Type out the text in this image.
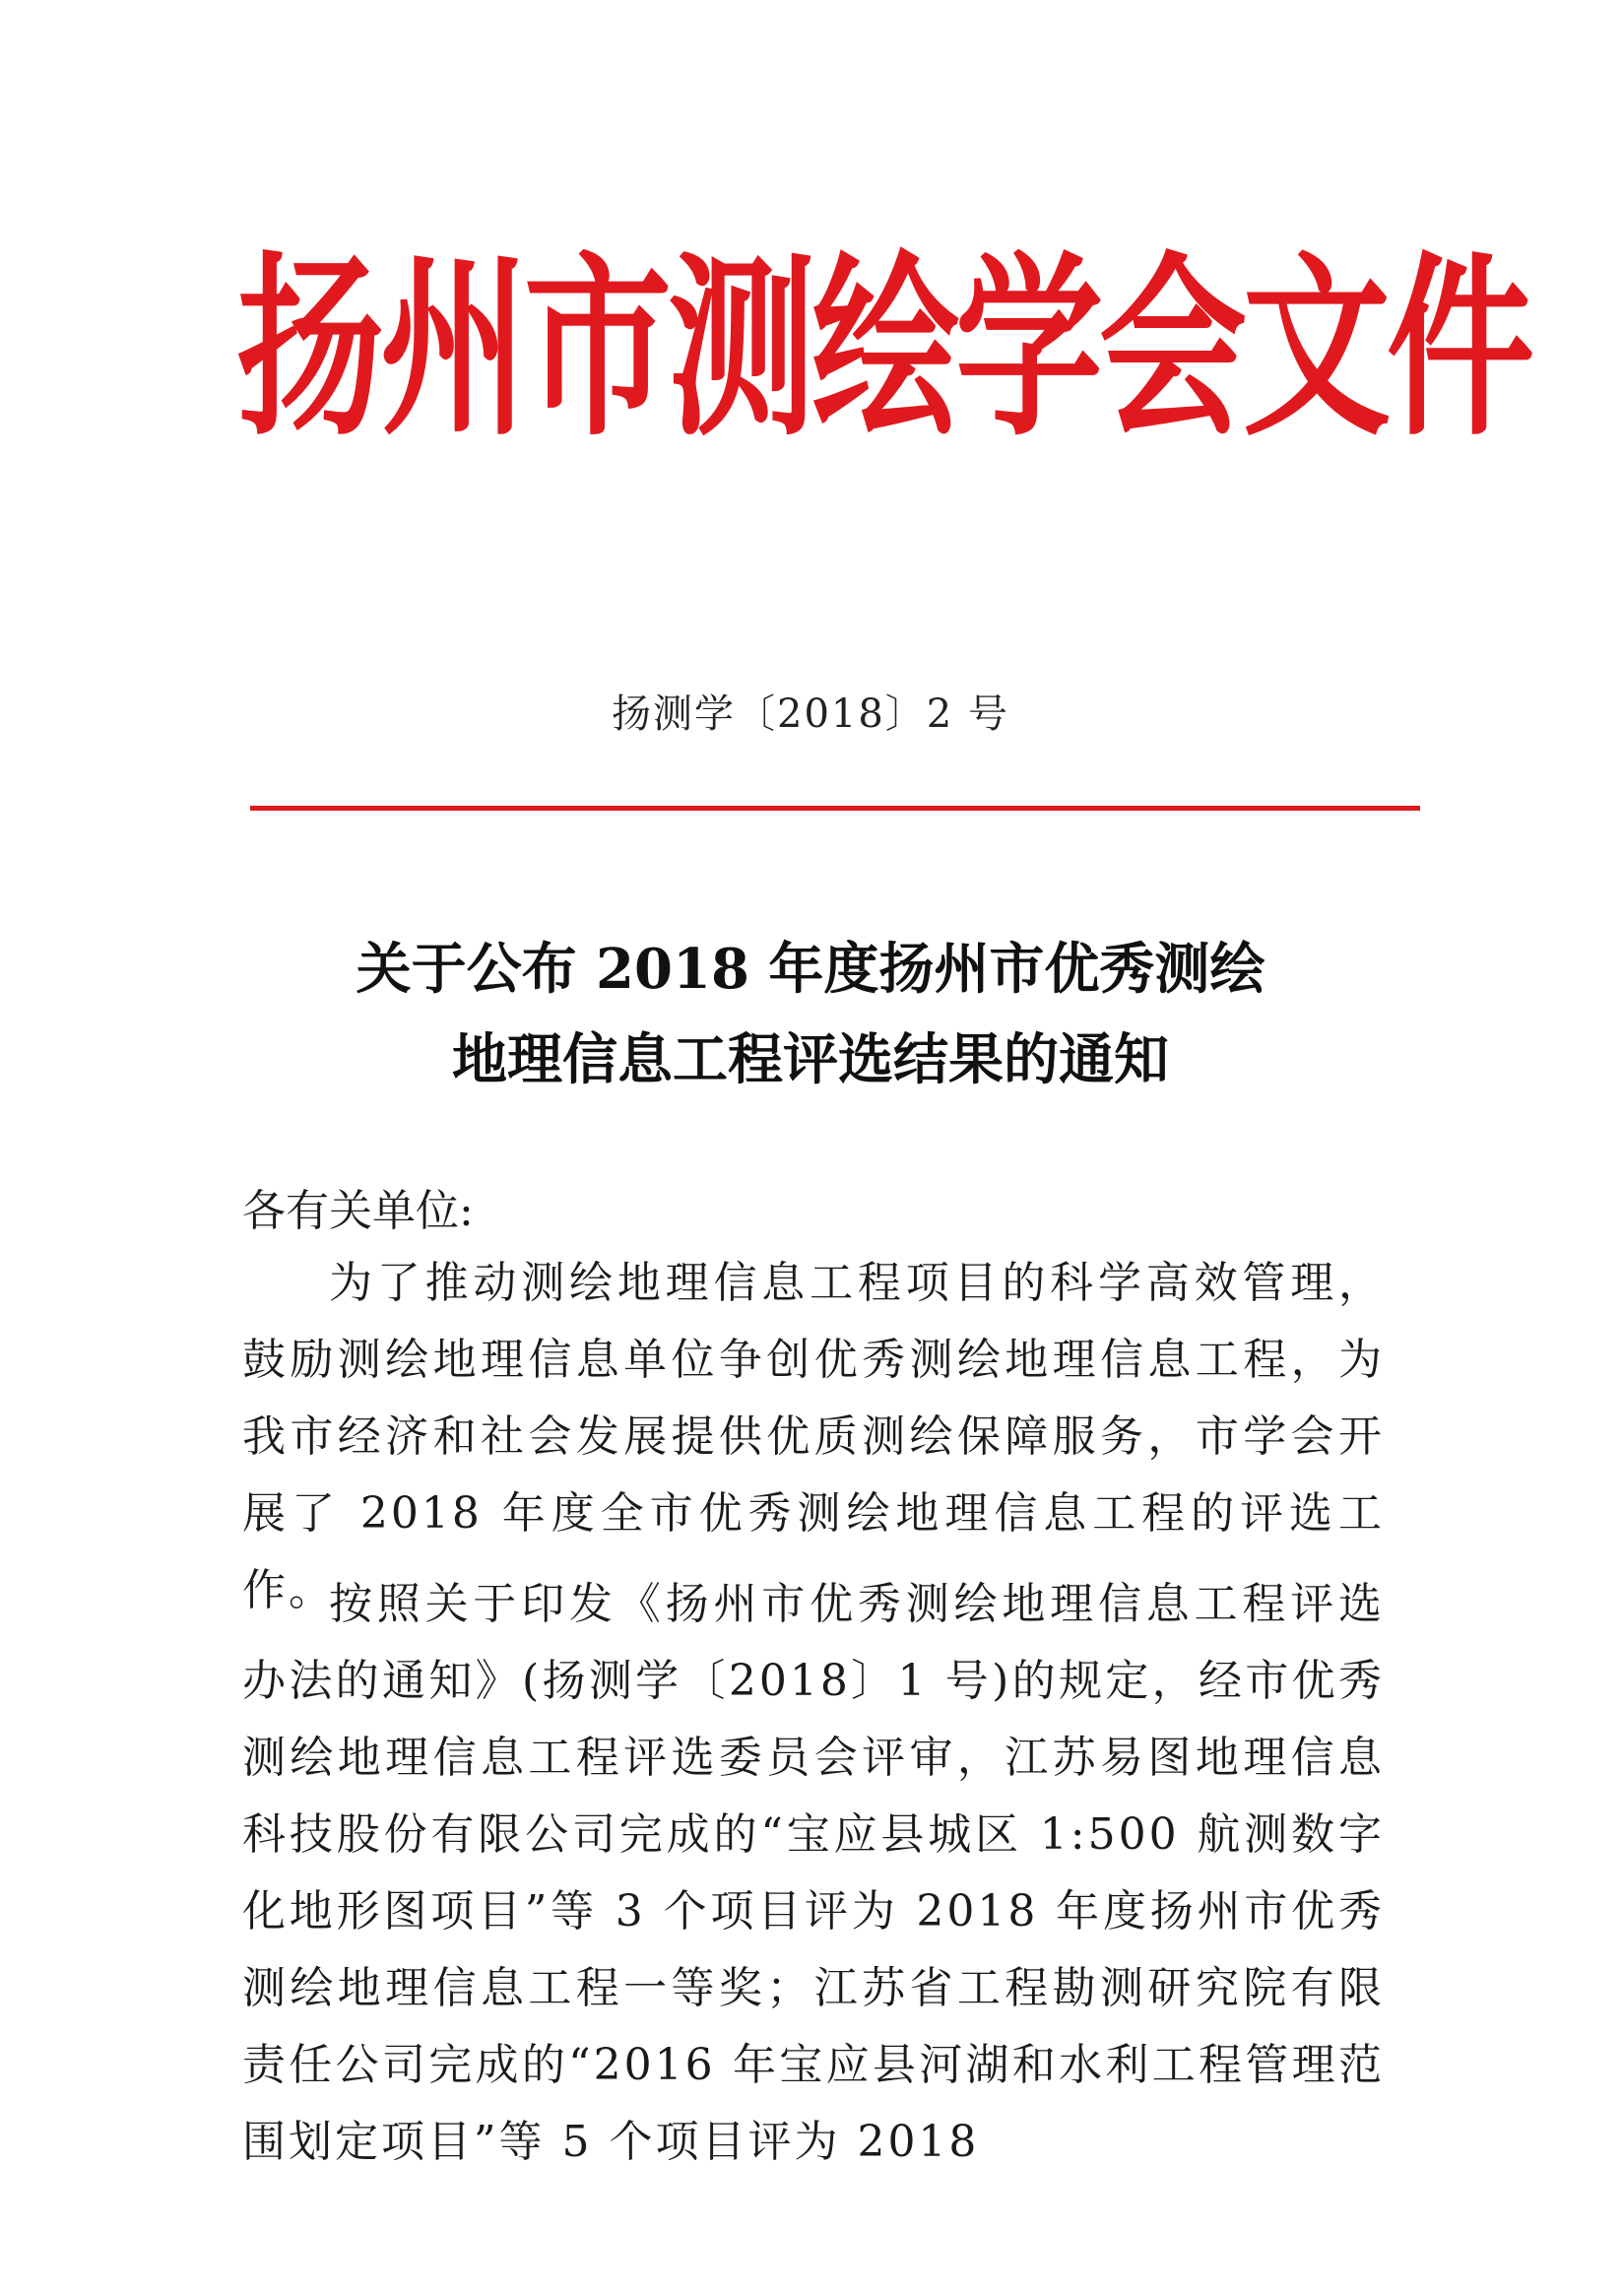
扬州市测绘学会文件
扬测学〔2018〕2 号
关于公布 2018 年度扬州市优秀测绘
地理信息工程评选结果的通知

各有关单位:

为了推动测绘地理信息工程项目的科学高效管理，鼓励测绘地理信息单位争创优秀测绘地理信息工程，为我市经济和社会发展提供优质测绘保障服务，市学会开展了 2018 年度全市优秀测绘地理信息工程的评选工作。

按照关于印发《扬州市优秀测绘地理信息工程评选办法的通知》(扬测学〔2018〕1 号)的规定，经市优秀测绘地理信息工程评选委员会评审，江苏易图地理信息科技股份有限公司完成的“宝应县城区 1:500 航测数字化地形图项目”等 3 个项目评为 2018 年度扬州市优秀测绘地理信息工程一等奖；江苏省工程勘测研究院有限责任公司完成的“2016 年宝应县河湖和水利工程管理范围划定项目”等 5 个项目评为 2018
